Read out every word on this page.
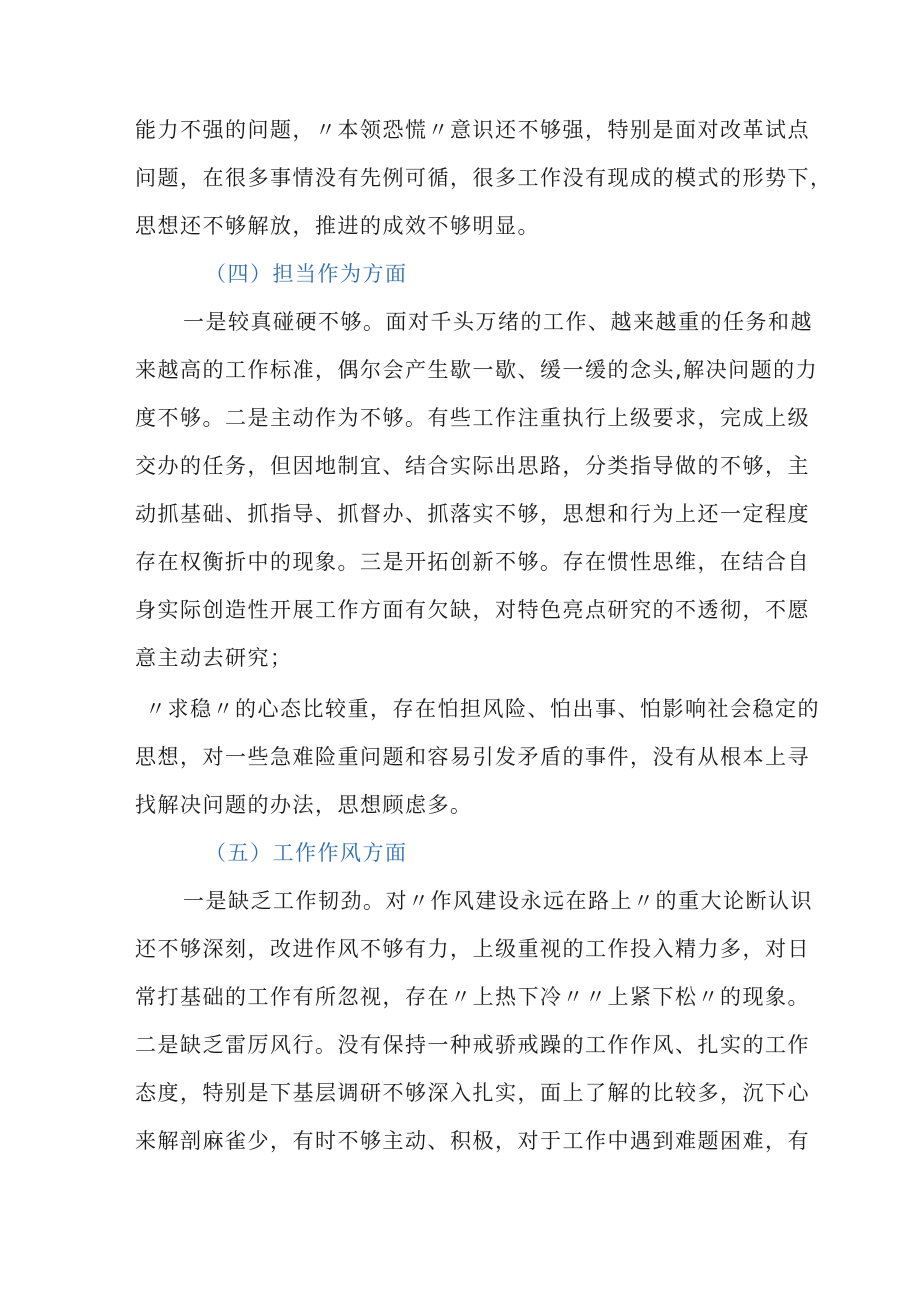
能力不强的问题，〃本领恐慌〃意识还不够强，特别是面对改革试点
问题，在很多事情没有先例可循，很多工作没有现成的模式的形势下，
思想还不够解放，推进的成效不够明显。
（四）担当作为方面
一是较真碰硬不够。面对千头万绪的工作、越来越重的任务和越
来越高的工作标准，偶尔会产生歇一歇、缓一缓的念头,解决问题的力
度不够。二是主动作为不够。有些工作注重执行上级要求，完成上级
交办的任务，但因地制宜、结合实际出思路，分类指导做的不够，主
动抓基础、抓指导、抓督办、抓落实不够，思想和行为上还一定程度
存在权衡折中的现象。三是开拓创新不够。存在惯性思维，在结合自
身实际创造性开展工作方面有欠缺，对特色亮点研究的不透彻，不愿
意主动去研究；
〃求稳〃的心态比较重，存在怕担风险、怕出事、怕影响社会稳定的
思想，对一些急难险重问题和容易引发矛盾的事件，没有从根本上寻
找解决问题的办法，思想顾虑多。
（五）工作作风方面
一是缺乏工作韧劲。对〃作风建设永远在路上〃的重大论断认识
还不够深刻，改进作风不够有力，上级重视的工作投入精力多，对日
常打基础的工作有所忽视，存在〃上热下冷〃〃上紧下松〃的现象。
二是缺乏雷厉风行。没有保持一种戒骄戒躁的工作作风、扎实的工作
态度，特别是下基层调研不够深入扎实，面上了解的比较多，沉下心
来解剖麻雀少，有时不够主动、积极，对于工作中遇到难题困难，有
